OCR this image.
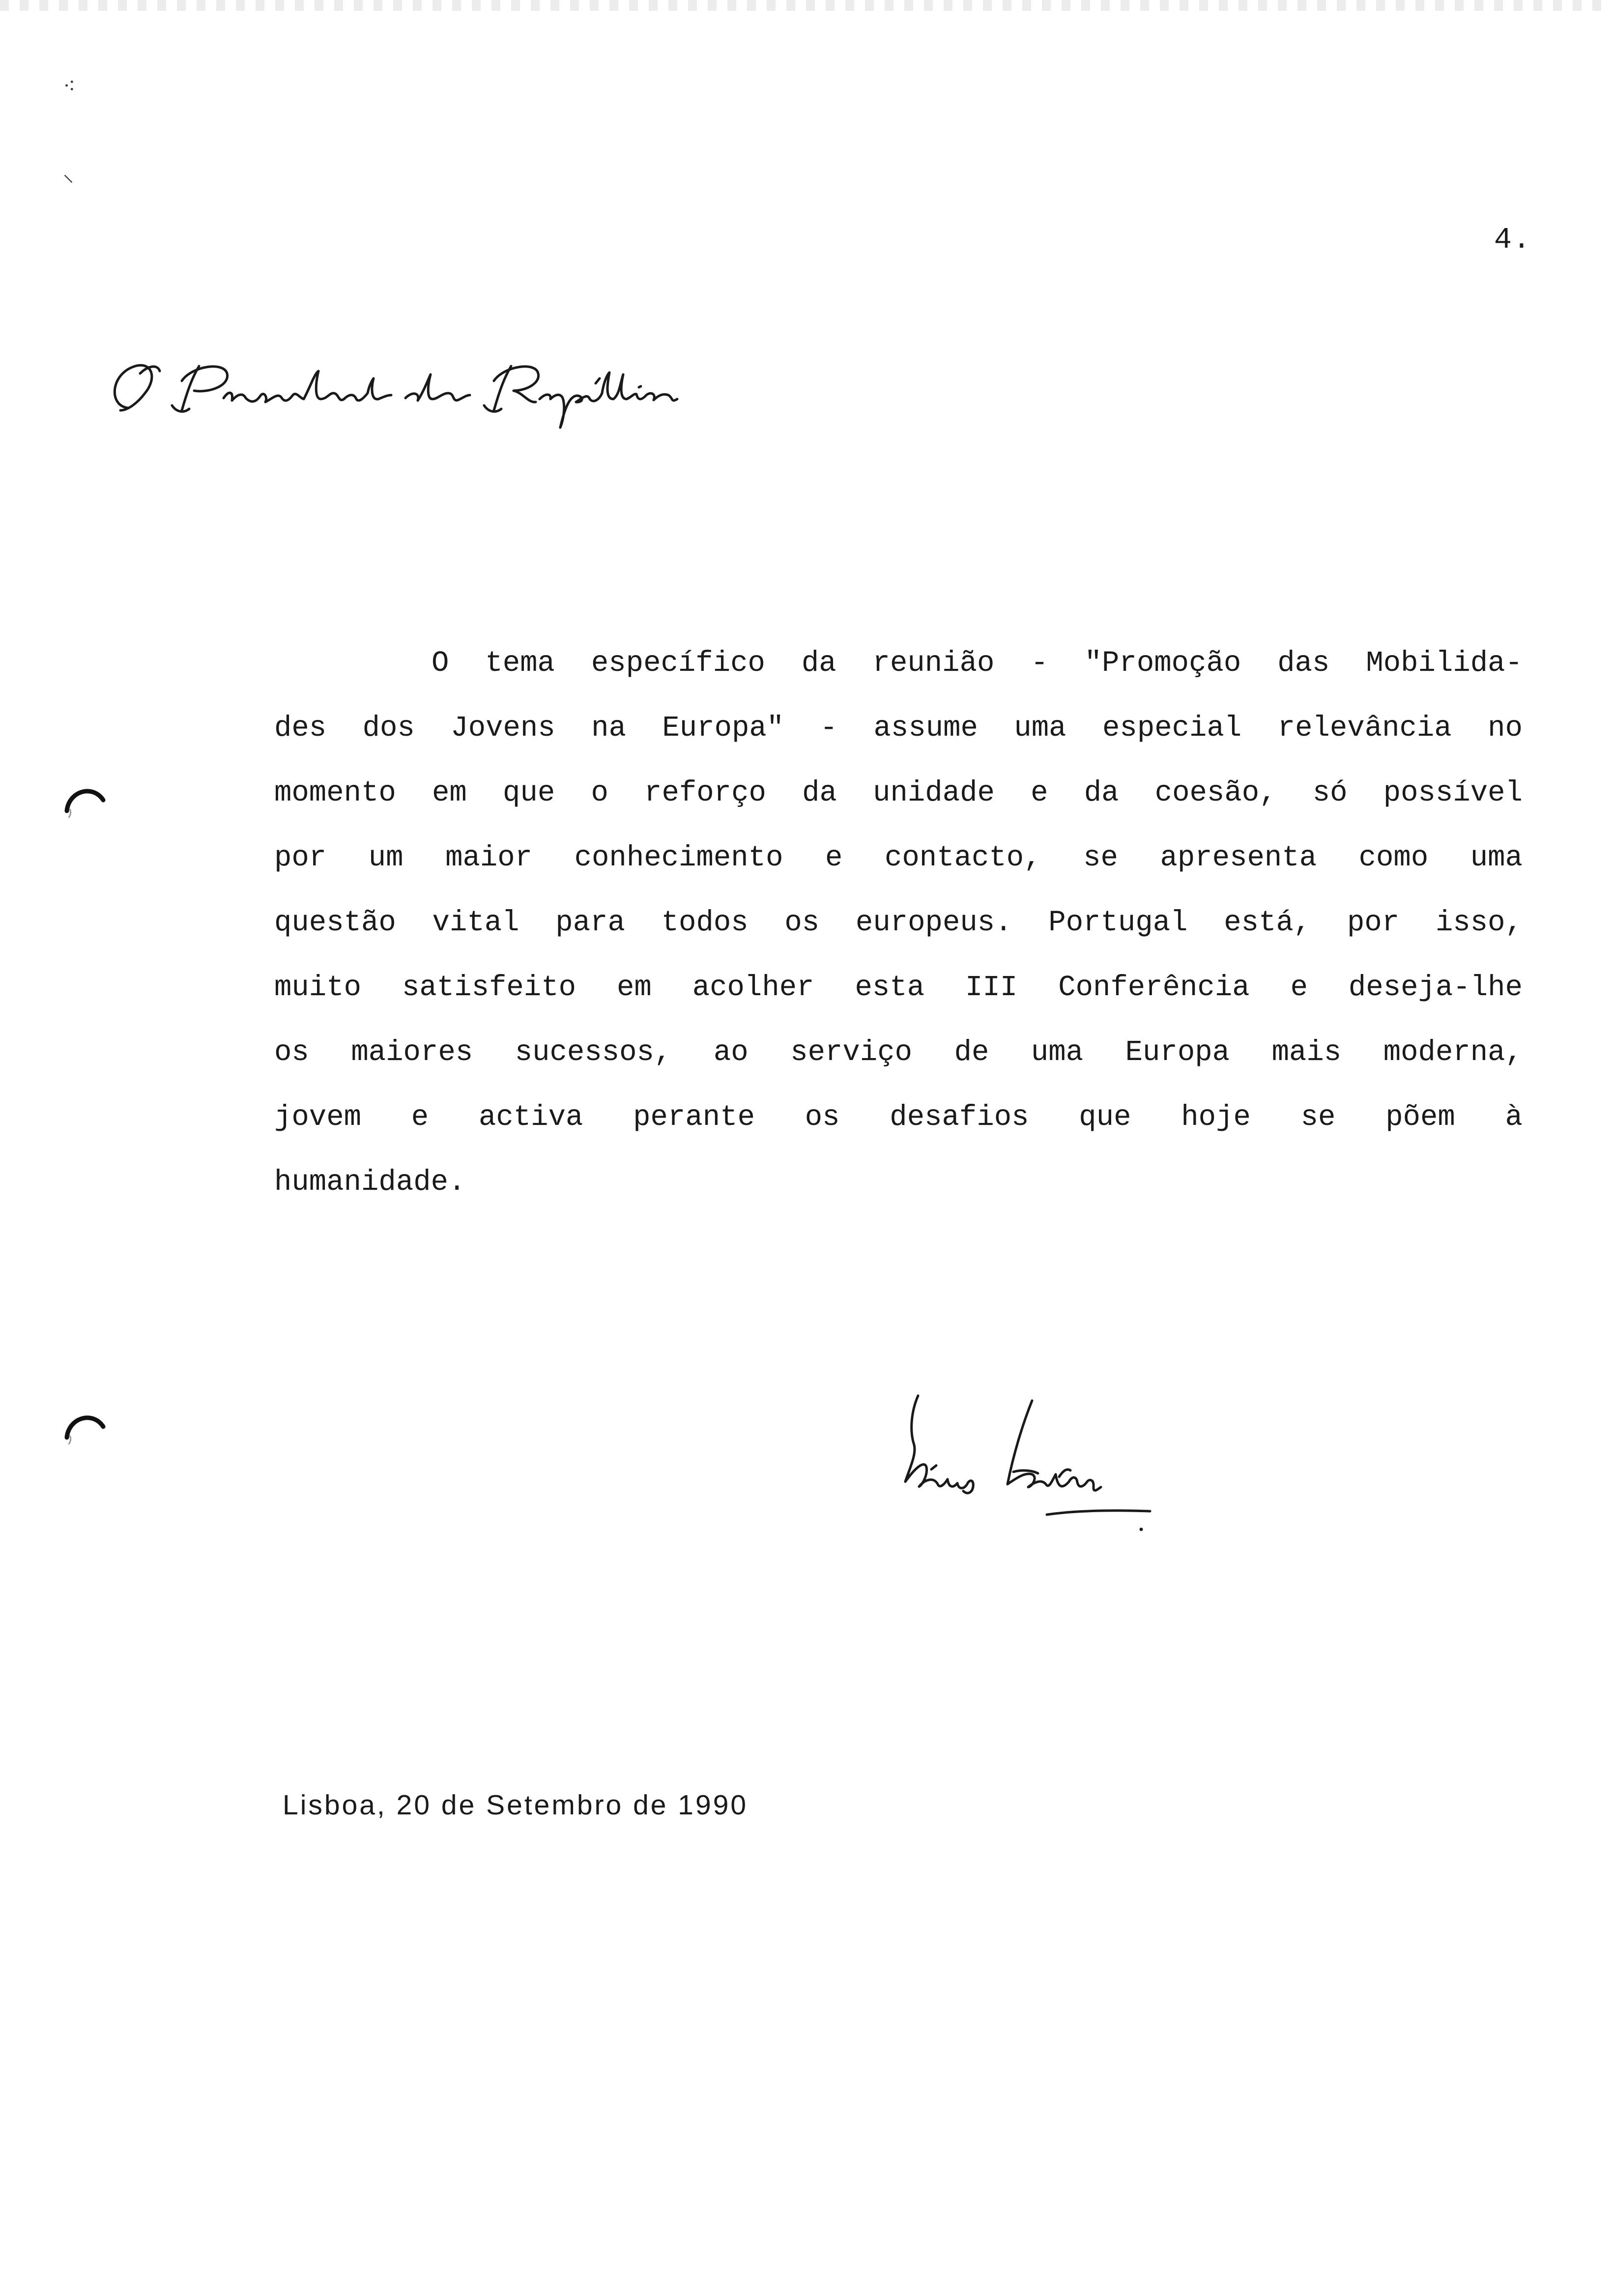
⁖
⸌
4.
O tema específico da reunião - "Promoção das Mobilida-
des dos Jovens na Europa" - assume uma especial relevância no
momento em que o reforço da unidade e da coesão, só possível
por um maior conhecimento e contacto, se apresenta como uma
questão vital para todos os europeus. Portugal está, por isso,
muito satisfeito em acolher esta III Conferência e deseja-lhe
os maiores sucessos, ao serviço de uma Europa mais moderna,
jovem e activa perante os desafios que hoje se põem à
humanidade.
Lisboa, 20 de Setembro de 1990
